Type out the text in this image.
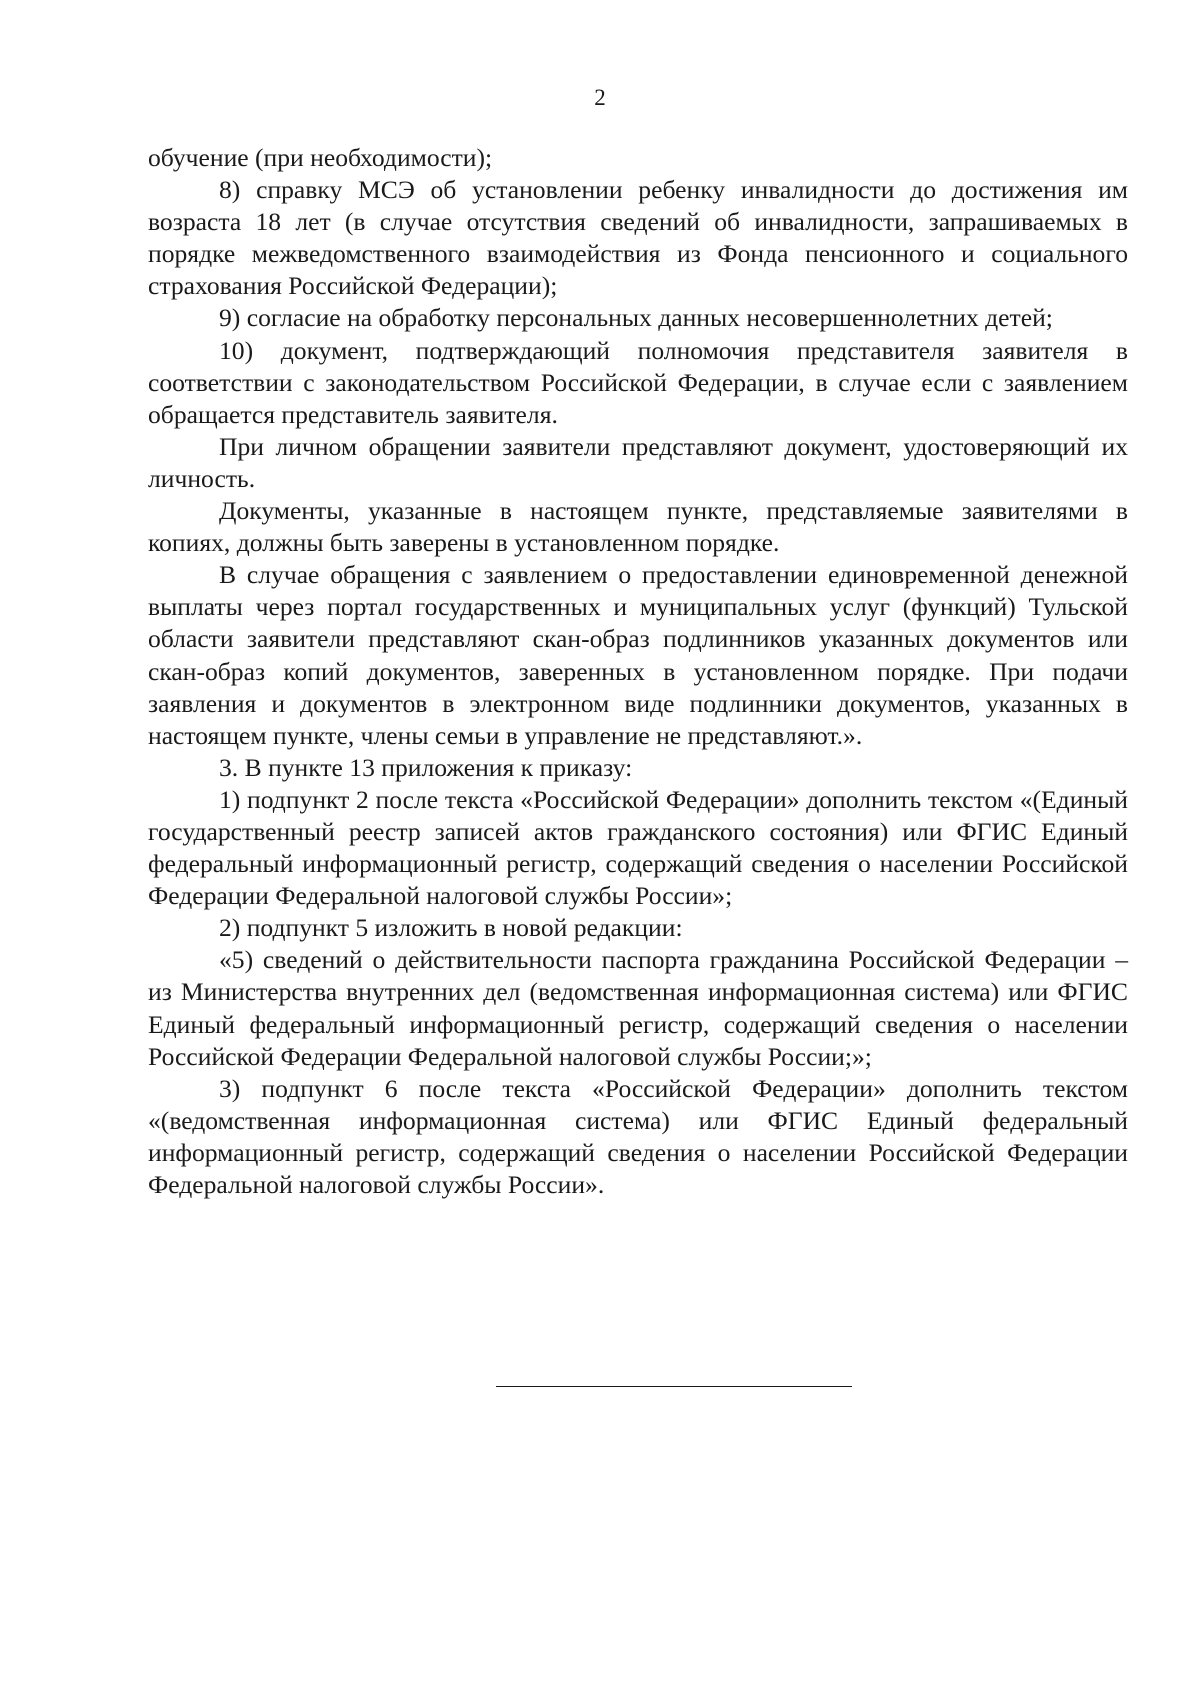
2

обучение (при необходимости);

8) справку МСЭ об установлении ребенку инвалидности до достижения им возраста 18 лет (в случае отсутствия сведений об инвалидности, запрашиваемых в порядке межведомственного взаимодействия из Фонда пенсионного и социального страхования Российской Федерации);

9) согласие на обработку персональных данных несовершеннолетних детей;

10) документ, подтверждающий полномочия представителя заявителя в соответствии с законодательством Российской Федерации, в случае если с заявлением обращается представитель заявителя.

При личном обращении заявители представляют документ, удостоверяющий их личность.

Документы, указанные в настоящем пункте, представляемые заявителями в копиях, должны быть заверены в установленном порядке.

В случае обращения с заявлением о предоставлении единовременной денежной выплаты через портал государственных и муниципальных услуг (функций) Тульской области заявители представляют скан-образ подлинников указанных документов или скан-образ копий документов, заверенных в установленном порядке. При подачи заявления и документов в электронном виде подлинники документов, указанных в настоящем пункте, члены семьи в управление не представляют.».

3. В пункте 13 приложения к приказу:

1) подпункт 2 после текста «Российской Федерации» дополнить текстом «(Единый государственный реестр записей актов гражданского состояния) или ФГИС Единый федеральный информационный регистр, содержащий сведения о населении Российской Федерации Федеральной налоговой службы России»;

2) подпункт 5 изложить в новой редакции:

«5) сведений о действительности паспорта гражданина Российской Федерации – из Министерства внутренних дел (ведомственная информационная система) или ФГИС Единый федеральный информационный регистр, содержащий сведения о населении Российской Федерации Федеральной налоговой службы России;»;

3) подпункт 6 после текста «Российской Федерации» дополнить текстом «(ведомственная информационная система) или ФГИС Единый федеральный информационный регистр, содержащий сведения о населении Российской Федерации Федеральной налоговой службы России».
